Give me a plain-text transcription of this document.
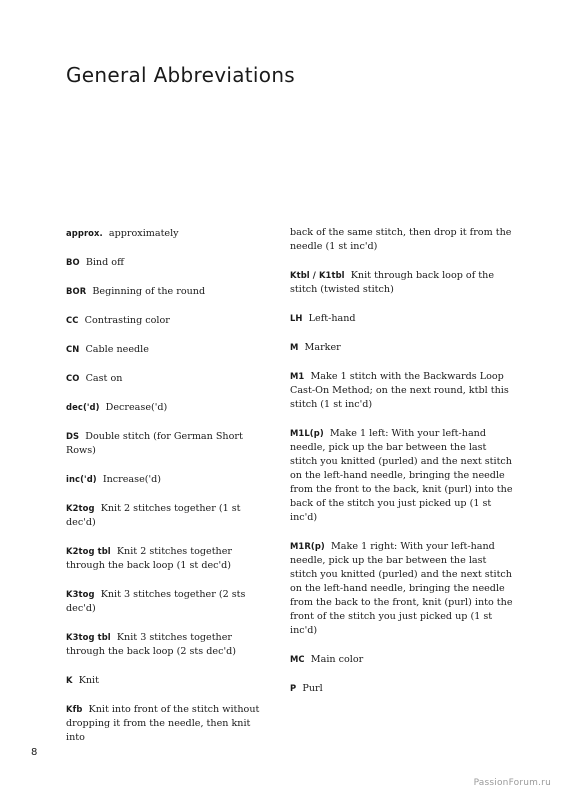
General Abbreviations
approx. approximately
BO Bind off
BOR Beginning of the round
CC Contrasting color
CN Cable needle
CO Cast on
dec('d) Decrease('d)
DS Double stitch (for German Short Rows)
inc('d) Increase('d)
K2tog Knit 2 stitches together (1 st dec'd)
K2tog tbl Knit 2 stitches together through the back loop (1 st dec'd)
K3tog Knit 3 stitches together (2 sts dec'd)
K3tog tbl Knit 3 stitches together through the back loop (2 sts dec'd)
K Knit
Kfb Knit into front of the stitch without dropping it from the needle, then knit into
back of the same stitch, then drop it from the needle (1 st inc'd)
Ktbl / K1tbl Knit through back loop of the stitch (twisted stitch)
LH Left-hand
M Marker
M1 Make 1 stitch with the Backwards Loop Cast-On Method; on the next round, ktbl this stitch (1 st inc'd)
M1L(p) Make 1 left: With your left-hand needle, pick up the bar between the last stitch you knitted (purled) and the next stitch on the left-hand needle, bringing the needle from the front to the back, knit (purl) into the back of the stitch you just picked up (1 st inc'd)
M1R(p) Make 1 right: With your left-hand needle, pick up the bar between the last stitch you knitted (purled) and the next stitch on the left-hand needle, bringing the needle from the back to the front, knit (purl) into the front of the stitch you just picked up (1 st inc'd)
MC Main color
P Purl
8
PassionForum.ru
